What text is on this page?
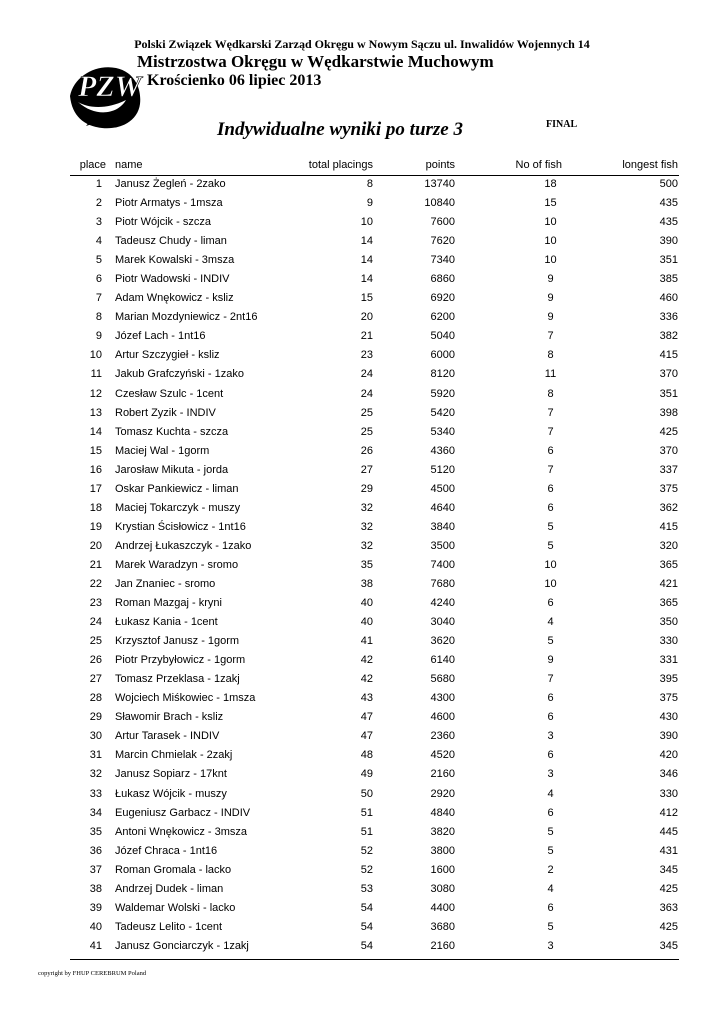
Polski Związek Wędkarski Zarząd Okręgu w Nowym Sączu ul. Inwalidów Wojennych 14
PZW
Mistrzostwa Okręgu w Wędkarstwie Muchowym
Krościenko 06 lipiec 2013
Indywidualne wyniki po turze 3	FINAL
place name	total placings	points	No of fish	longest fish
1 Janusz Żegleń - 2zako	8	13740	18	500
2 Piotr Armatys - 1msza	9	10840	15	435
3 Piotr Wójcik - szcza	10	7600	10	435
4 Tadeusz Chudy - liman	14	7620	10	390
5 Marek Kowalski - 3msza	14	7340	10	351
6 Piotr Wadowski - INDIV	14	6860	9	385
7 Adam Wnękowicz - ksliz	15	6920	9	460
8 Marian Mozdyniewicz - 2nt16	20	6200	9	336
9 Józef Lach - 1nt16	21	5040	7	382
10 Artur Szczygieł - ksliz	23	6000	8	415
11 Jakub Grafczyński - 1zako	24	8120	11	370
12 Czesław Szulc - 1cent	24	5920	8	351
13 Robert Zyzik - INDIV	25	5420	7	398
14 Tomasz Kuchta - szcza	25	5340	7	425
15 Maciej Wal - 1gorm	26	4360	6	370
16 Jarosław Mikuta - jorda	27	5120	7	337
17 Oskar Pankiewicz - liman	29	4500	6	375
18 Maciej Tokarczyk - muszy	32	4640	6	362
19 Krystian Ścisłowicz - 1nt16	32	3840	5	415
20 Andrzej Łukaszczyk - 1zako	32	3500	5	320
21 Marek Waradzyn - sromo	35	7400	10	365
22 Jan Znaniec - sromo	38	7680	10	421
23 Roman Mazgaj - kryni	40	4240	6	365
24 Łukasz Kania - 1cent	40	3040	4	350
25 Krzysztof Janusz - 1gorm	41	3620	5	330
26 Piotr Przybyłowicz - 1gorm	42	6140	9	331
27 Tomasz Przeklasa - 1zakj	42	5680	7	395
28 Wojciech Miśkowiec - 1msza	43	4300	6	375
29 Sławomir Brach - ksliz	47	4600	6	430
30 Artur Tarasek - INDIV	47	2360	3	390
31 Marcin Chmielak - 2zakj	48	4520	6	420
32 Janusz Sopiarz - 17knt	49	2160	3	346
33 Łukasz Wójcik - muszy	50	2920	4	330
34 Eugeniusz Garbacz - INDIV	51	4840	6	412
35 Antoni Wnękowicz - 3msza	51	3820	5	445
36 Józef Chraca - 1nt16	52	3800	5	431
37 Roman Gromala - lacko	52	1600	2	345
38 Andrzej Dudek - liman	53	3080	4	425
39 Waldemar Wolski - lacko	54	4400	6	363
40 Tadeusz Lelito - 1cent	54	3680	5	425
41 Janusz Gonciarczyk - 1zakj	54	2160	3	345
copyright by FHUP CEREBRUM Poland
